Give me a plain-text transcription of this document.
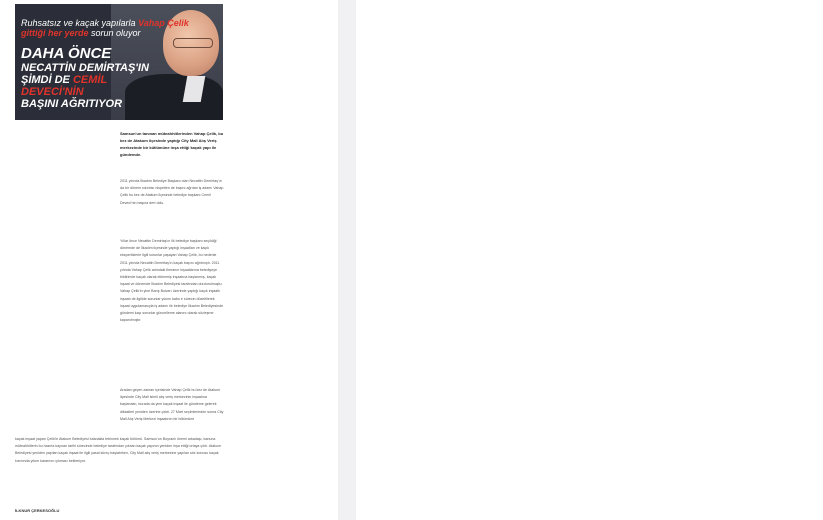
Ruhsatsız ve kaçak yapılarla Vahap Çelik gittiği her yerde sorun oluyor
DAHA ÖNCE
NECATTİN DEMİRTAŞ'IN
ŞİMDİ DE CEMİL DEVECİ'NİN
BAŞINI AĞRITIYOR
Samsun'un tanınan müteahhitlerinden Vahap Çelik, bu kez de Atakum ilçesinde yaptığı City Mall Alış Veriş merkezinde bir kütlümüne inşa ettiği kaçak yapı ile gündemde.
2011 yılında İlkadım Belediye Başkanı olan Necattin Demirtaş'ın da bir dönem sıkıntısı nispetlen de başını ağrıtan iş adamı Vahap Çelik bu kez de Atakum ilçesinde belediye başkanı Cemil Deveci'nin başına dert oldu.
Yıllar önce Necattin Demirtaş'ın ilk belediye başkanı seçildiği dönemde de İlkadım ilçesinde yaptığı inşaatları ve kaçık ekspertizlerle ilgili sorunlar yaşayan Vahap Çelik, bu nedenle 2011 yılında Necattin Demirtaş'ın kaçak başını ağrıtmıştı. 2011 yılında Vahap Çelik adındaki firmanın inşaatlarına belediyeye bildirimde kaçak olarak eklenmiş inşaatına başlanmış, kaçak inşaat ve dönemde İlkadım Belediyesi tarafından durdurulmuştu. Vahap Çelik'in yine Barış Bulvarı üzerinde yaptığı kaçık inşaatlı inşaatı de ilgilide sorunlar yıkımı kabu e sürecin düzeltilerek inşaat uygulamasıyla iş adamı ile belediye İlkadım Belediyesinde gündemi kaçı sorunlar güncelleme alanını olarak sözleşme kapanılmıştır.
Aradan geçen zaman içerisinde Vahap Çelik bu kez de Atakum ilçesinde City Mall isimli alış veriş merkezinin inşaatına başlanılan, burada da yine kaçak inşaat ile gündeme gelerek dikkatleri yeniden üzerine çekti. 27 Mart seçimlerinden sonra City Mall Alış Veriş Merkezi inşaatının bir bölümüne
kaçak inşaat yapan Çelik'in Atakum Belediyesi tutanakla tebinnek kaçak bölümü. Samsun'un Boyranlı önemi arkadaşı, kanuna müteahhitlerin bu hazırla kaynarı tarihi sürecinde belediye tarafından yıkılan kaçak yapının yeniden inşa ettiği ortaya çıktı. Atakum Belediyesi yeniden yapılan kaçak inşaat ile ilgili yasal süreç başlatırken, City Mall alış veriş merkezine yapılan söz konusu kaçak kısmında yıkım kararının çıkması bekleniyor.
İLKNUR ÇERKESOĞLU
